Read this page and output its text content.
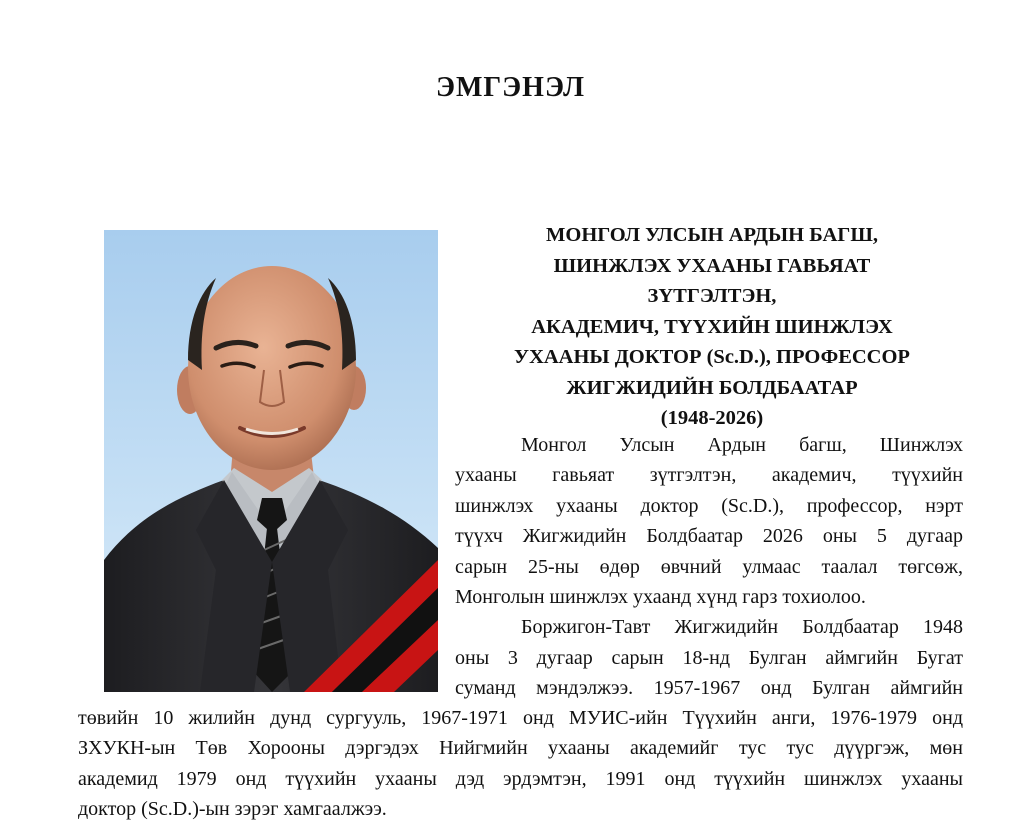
ЭМГЭНЭЛ
МОНГОЛ УЛСЫН АРДЫН БАГШ,
ШИНЖЛЭХ УХААНЫ ГАВЬЯАТ
ЗҮТГЭЛТЭН,
АКАДЕМИЧ, ТҮҮХИЙН ШИНЖЛЭХ
УХААНЫ ДОКТОР (Sc.D.), ПРОФЕССОР
ЖИГЖИДИЙН БОЛДБААТАР
(1948-2026)
Монгол Улсын Ардын багш, Шинжлэх
ухааны гавьяат зүтгэлтэн, академич, түүхийн
шинжлэх ухааны доктор (Sc.D.), профессор, нэрт
түүхч Жигжидийн Болдбаатар 2026 оны 5 дугаар
сарын 25-ны өдөр өвчний улмаас таалал төгсөж,
Монголын шинжлэх ухаанд хүнд гарз тохиолоо.
Боржигон-Тавт Жигжидийн Болдбаатар 1948
оны 3 дугаар сарын 18-нд Булган аймгийн Бугат
суманд мэндэлжээ. 1957-1967 онд Булган аймгийн
төвийн 10 жилийн дунд сургууль, 1967-1971 онд МУИС-ийн Түүхийн анги, 1976-1979 онд
ЗХУКН-ын Төв Хорооны дэргэдэх Нийгмийн ухааны академийг тус тус дүүргэж, мөн
академид 1979 онд түүхийн ухааны дэд эрдэмтэн, 1991 онд түүхийн шинжлэх ухааны
доктор (Sc.D.)-ын зэрэг хамгаалжээ.
